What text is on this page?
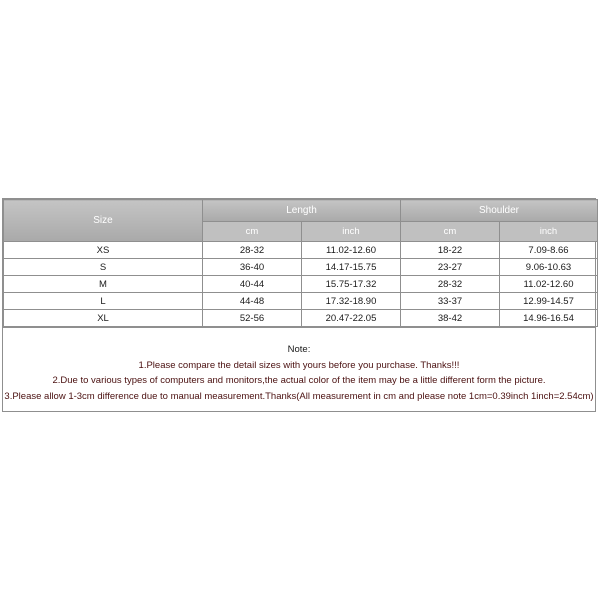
Size	Length		Shoulder	
	cm	inch	cm	inch
XS	28-32	11.02-12.60	18-22	7.09-8.66
S	36-40	14.17-15.75	23-27	9.06-10.63
M	40-44	15.75-17.32	28-32	11.02-12.60
L	44-48	17.32-18.90	33-37	12.99-14.57
XL	52-56	20.47-22.05	38-42	14.96-16.54
Note:
1.Please compare the detail sizes with yours before you purchase. Thanks!!!
2.Due to various types of computers and monitors,the actual color of the item may be a little different form the picture.
3.Please allow 1-3cm difference due to manual measurement.Thanks(All measurement in cm and please note 1cm=0.39inch 1inch=2.54cm)
